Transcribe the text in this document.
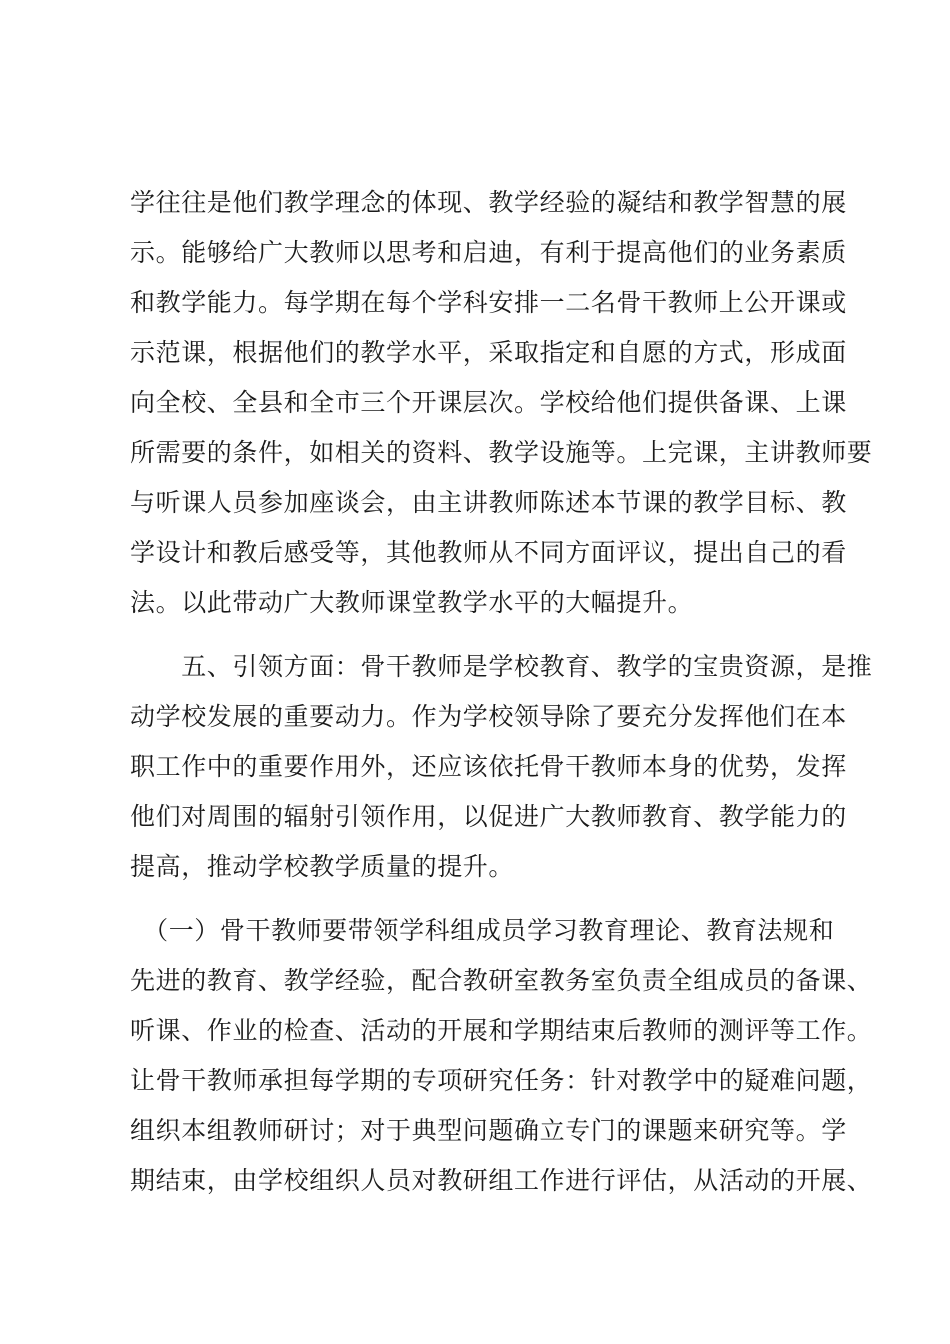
学往往是他们教学理念的体现、教学经验的凝结和教学智慧的展
示。能够给广大教师以思考和启迪，有利于提高他们的业务素质
和教学能力。每学期在每个学科安排一二名骨干教师上公开课或
示范课，根据他们的教学水平，采取指定和自愿的方式，形成面
向全校、全县和全市三个开课层次。学校给他们提供备课、上课
所需要的条件，如相关的资料、教学设施等。上完课，主讲教师要
与听课人员参加座谈会，由主讲教师陈述本节课的教学目标、教
学设计和教后感受等，其他教师从不同方面评议，提出自己的看
法。以此带动广大教师课堂教学水平的大幅提升。
　　五、引领方面：骨干教师是学校教育、教学的宝贵资源，是推
动学校发展的重要动力。作为学校领导除了要充分发挥他们在本
职工作中的重要作用外，还应该依托骨干教师本身的优势，发挥
他们对周围的辐射引领作用，以促进广大教师教育、教学能力的
提高，推动学校教学质量的提升。
　（一）骨干教师要带领学科组成员学习教育理论、教育法规和
先进的教育、教学经验，配合教研室教务室负责全组成员的备课、
听课、作业的检查、活动的开展和学期结束后教师的测评等工作。
让骨干教师承担每学期的专项研究任务：针对教学中的疑难问题，
组织本组教师研讨；对于典型问题确立专门的课题来研究等。学
期结束，由学校组织人员对教研组工作进行评估，从活动的开展、
